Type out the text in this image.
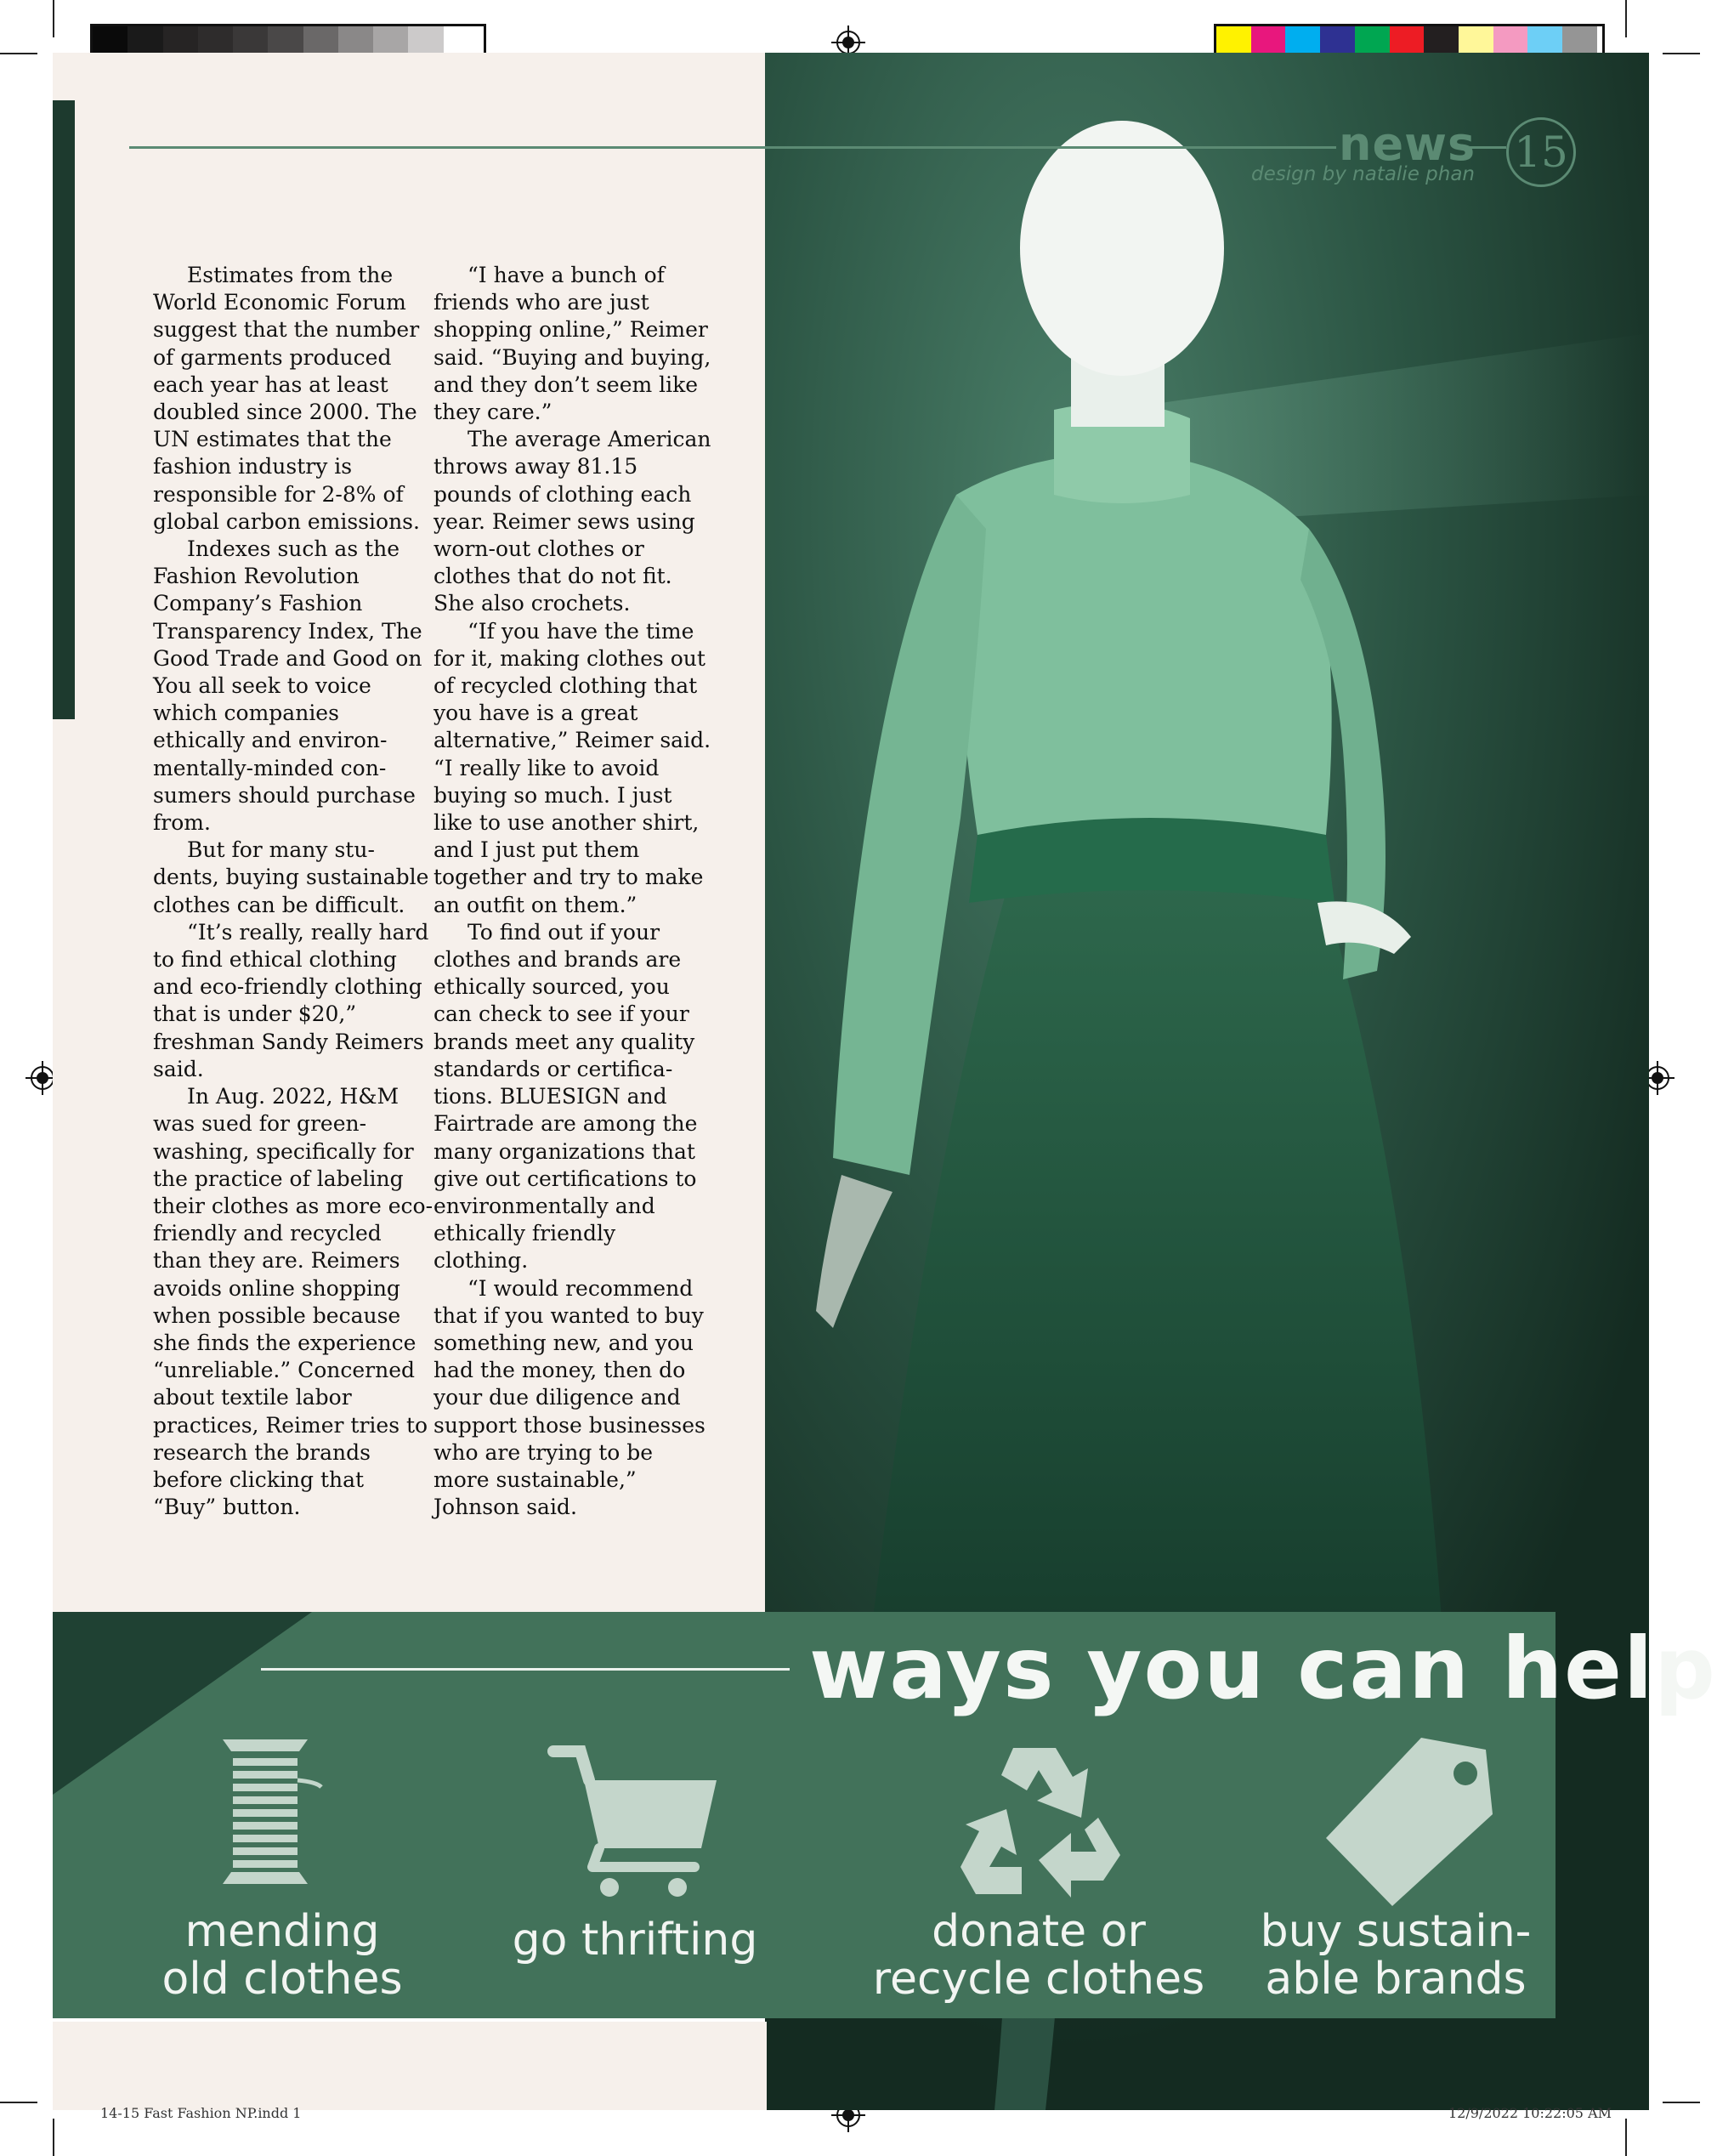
news
design by natalie phan 15

Estimates from the World Economic Forum suggest that the number of garments produced each year has at least doubled since 2000. The UN estimates that the fashion industry is responsible for 2-8% of global carbon emissions.

Indexes such as the Fashion Revolution Company’s Fashion Transparency Index, The Good Trade and Good on You all seek to voice which companies ethically and environmentally-minded consumers should purchase from.

But for many students, buying sustainable clothes can be difficult.

“It’s really, really hard to find ethical clothing and eco-friendly clothing that is under $20,” freshman Sandy Reimers said.

In Aug. 2022, H&M was sued for greenwashing, specifically for the practice of labeling their clothes as more eco-friendly and recycled than they are. Reimers avoids online shopping when possible because she finds the experience “unreliable.” Concerned about textile labor practices, Reimer tries to research the brands before clicking that “Buy” button.

“I have a bunch of friends who are just shopping online,” Reimer said. “Buying and buying, and they don’t seem like they care.”

The average American throws away 81.15 pounds of clothing each year. Reimer sews using worn-out clothes or clothes that do not fit. She also crochets.

“If you have the time for it, making clothes out of recycled clothing that you have is a great alternative,” Reimer said. “I really like to avoid buying so much. I just like to use another shirt, and I just put them together and try to make an outfit on them.”

To find out if your clothes and brands are ethically sourced, you can check to see if your brands meet any quality standards or certifications. BLUESIGN and Fairtrade are among the many organizations that give out certifications to environmentally and ethically friendly clothing.

“I would recommend that if you wanted to buy something new, and you had the money, then do your due diligence and support those businesses who are trying to be more sustainable,” Johnson said.

ways you can help
mending
old clothes
go thrifting	donate or
recycle clothes
buy sustain-
able brands
14-15 Fast Fashion NP.indd 1	12/9/2022 10:22:05 AM
